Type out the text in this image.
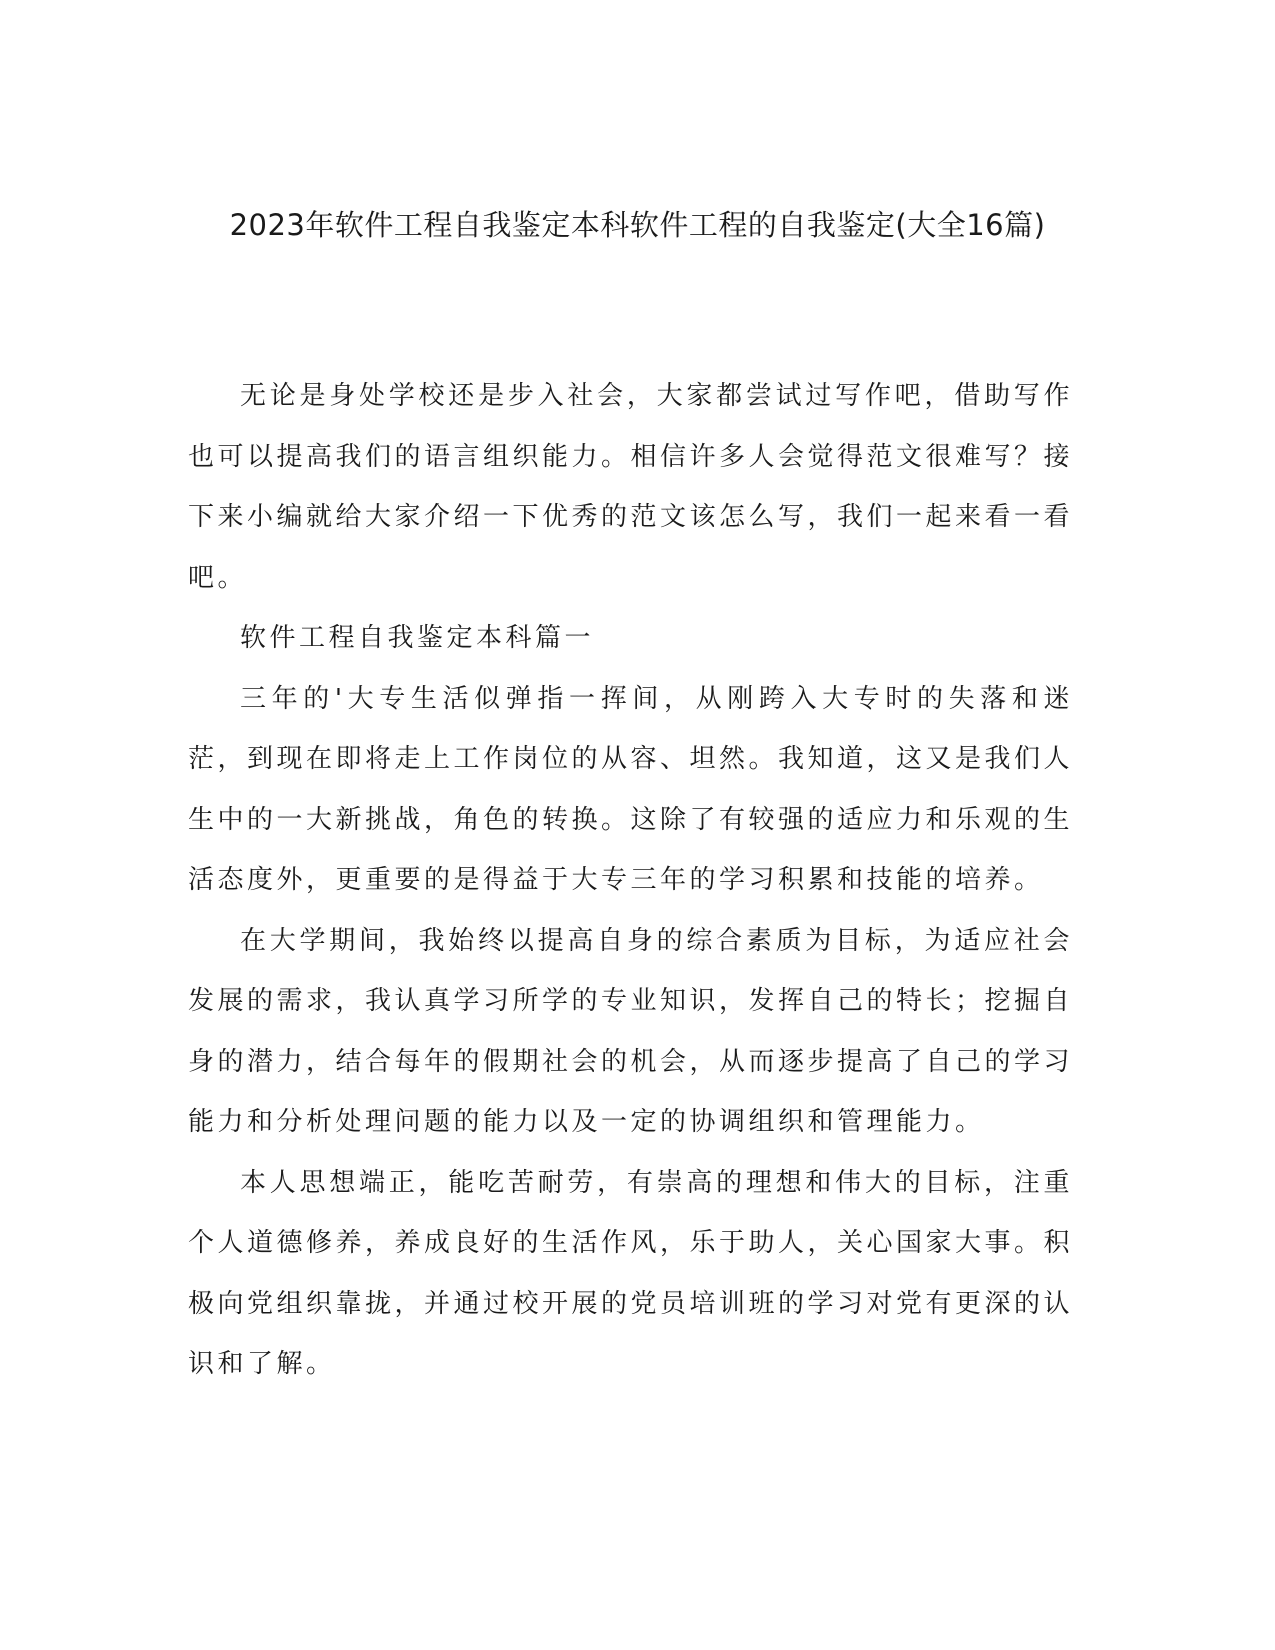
2023年软件工程自我鉴定本科软件工程的自我鉴定(大全16篇)

无论是身处学校还是步入社会，大家都尝试过写作吧，借助写作也可以提高我们的语言组织能力。相信许多人会觉得范文很难写？接下来小编就给大家介绍一下优秀的范文该怎么写，我们一起来看一看吧。

软件工程自我鉴定本科篇一

三年的'大专生活似弹指一挥间，从刚跨入大专时的失落和迷茫，到现在即将走上工作岗位的从容、坦然。我知道，这又是我们人生中的一大新挑战，角色的转换。这除了有较强的适应力和乐观的生活态度外，更重要的是得益于大专三年的学习积累和技能的培养。

在大学期间，我始终以提高自身的综合素质为目标，为适应社会发展的需求，我认真学习所学的专业知识，发挥自己的特长；挖掘自身的潜力，结合每年的假期社会的机会，从而逐步提高了自己的学习能力和分析处理问题的能力以及一定的协调组织和管理能力。

本人思想端正，能吃苦耐劳，有崇高的理想和伟大的目标，注重个人道德修养，养成良好的生活作风，乐于助人，关心国家大事。积极向党组织靠拢，并通过校开展的党员培训班的学习对党有更深的认识和了解。
